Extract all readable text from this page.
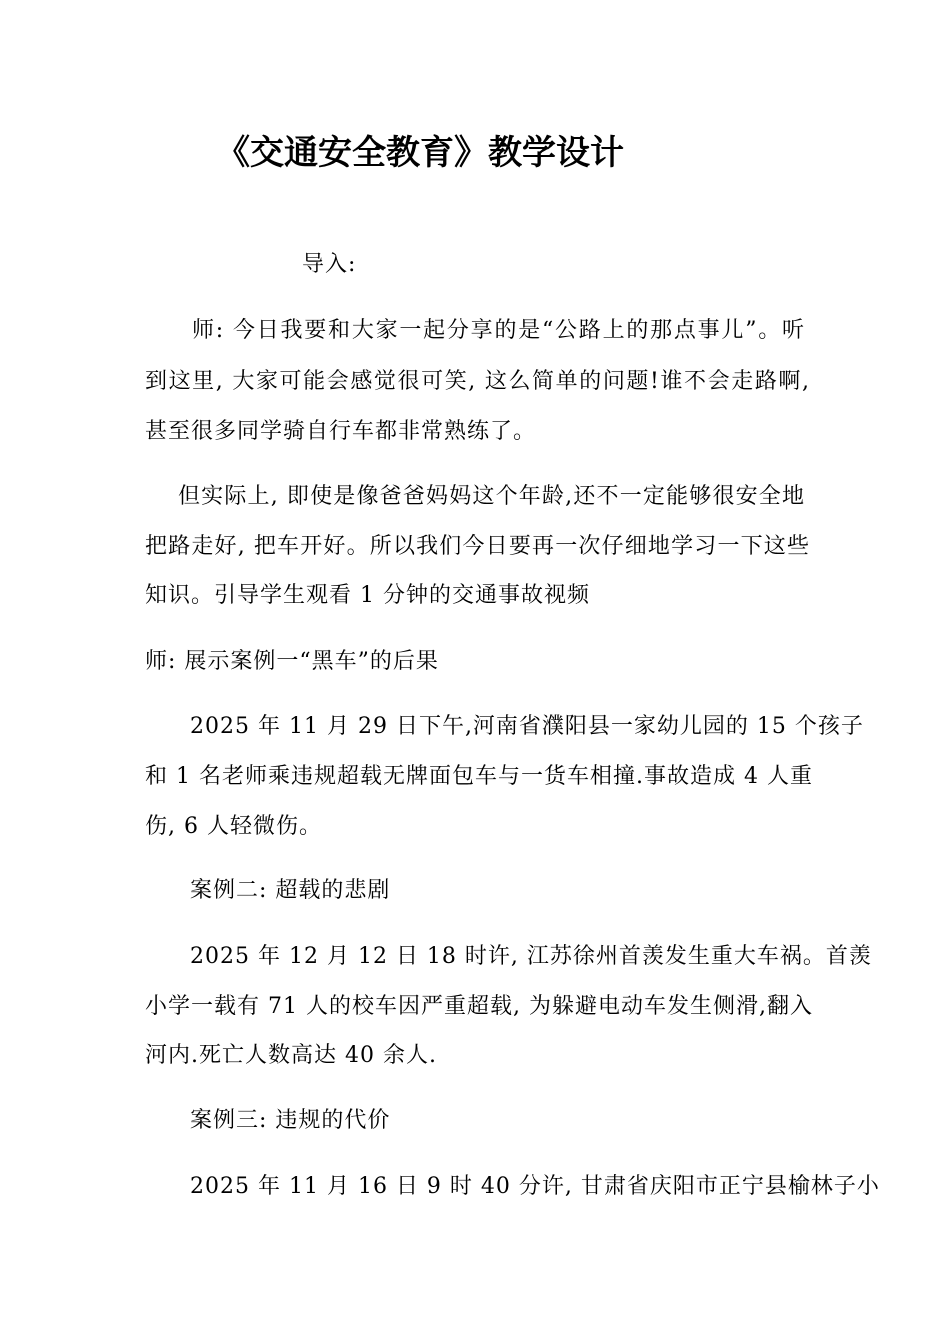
《交通安全教育》教学设计

导入:

师: 今日我要和大家一起分享的是“公路上的那点事儿”。听

到这里, 大家可能会感觉很可笑, 这么简单的问题!谁不会走路啊,

甚至很多同学骑自行车都非常熟练了。

但实际上, 即使是像爸爸妈妈这个年龄,还不一定能够很安全地

把路走好, 把车开好。所以我们今日要再一次仔细地学习一下这些

知识。引导学生观看 1 分钟的交通事故视频

师: 展示案例一“黑车”的后果

2025 年 11 月 29 日下午,河南省濮阳县一家幼儿园的 15 个孩子

和 1 名老师乘违规超载无牌面包车与一货车相撞.事故造成 4 人重

伤, 6 人轻微伤。

案例二: 超载的悲剧

2025 年 12 月 12 日 18 时许, 江苏徐州首羡发生重大车祸。首羡

小学一载有 71 人的校车因严重超载, 为躲避电动车发生侧滑,翻入

河内.死亡人数高达 40 余人.

案例三: 违规的代价

2025 年 11 月 16 日 9 时 40 分许, 甘肃省庆阳市正宁县榆林子小
